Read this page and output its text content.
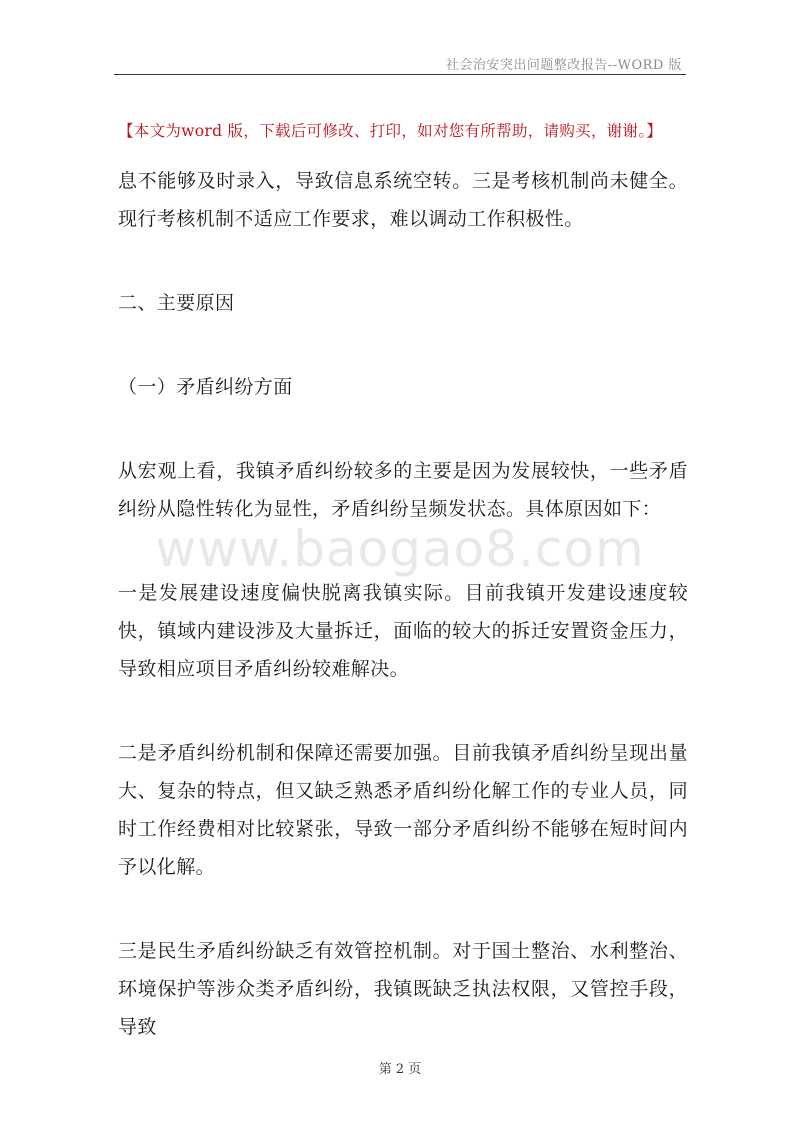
社会治安突出问题整改报告--WORD 版
【本文为word 版，下载后可修改、打印，如对您有所帮助，请购买，谢谢。】
www.baogao8.com

息不能够及时录入，导致信息系统空转。三是考核机制尚未健全。现行考核机制不适应工作要求，难以调动工作积极性。

二、主要原因

（一）矛盾纠纷方面

从宏观上看，我镇矛盾纠纷较多的主要是因为发展较快，一些矛盾纠纷从隐性转化为显性，矛盾纠纷呈频发状态。具体原因如下：

一是发展建设速度偏快脱离我镇实际。目前我镇开发建设速度较快，镇域内建设涉及大量拆迁，面临的较大的拆迁安置资金压力，导致相应项目矛盾纠纷较难解决。

二是矛盾纠纷机制和保障还需要加强。目前我镇矛盾纠纷呈现出量大、复杂的特点，但又缺乏熟悉矛盾纠纷化解工作的专业人员，同时工作经费相对比较紧张，导致一部分矛盾纠纷不能够在短时间内予以化解。

三是民生矛盾纠纷缺乏有效管控机制。对于国土整治、水利整治、环境保护等涉众类矛盾纠纷，我镇既缺乏执法权限，又管控手段，导致

第 2 页
